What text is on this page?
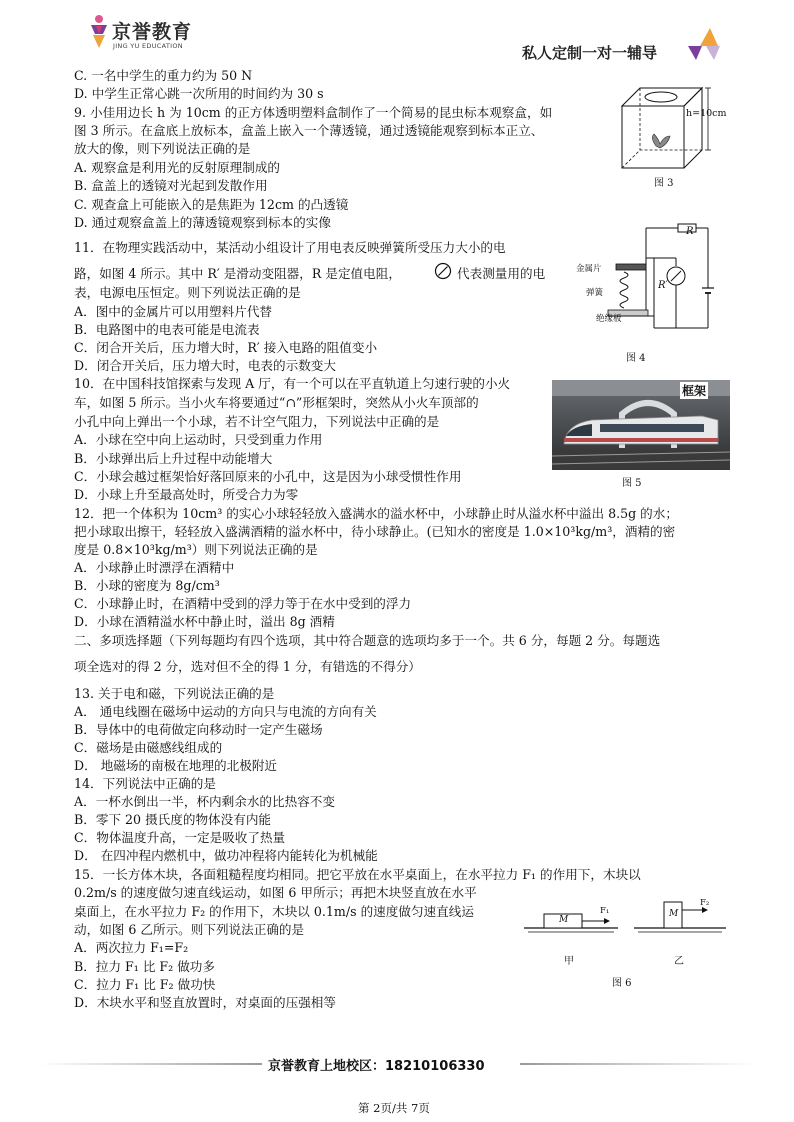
京誉教育
JING YU EDUCATION	私人定制一对一辅导
C. 一名中学生的重力约为 50 N
D. 中学生正常心跳一次所用的时间约为 30 s
9. 小佳用边长 h 为 10cm 的正方体透明塑料盒制作了一个简易的昆虫标本观察盒，如
图 3 所示。在盒底上放标本，盒盖上嵌入一个薄透镜，通过透镜能观察到标本正立、
放大的像，则下列说法正确的是
A. 观察盒是利用光的反射原理制成的
B. 盒盖上的透镜对光起到发散作用
C. 观查盒上可能嵌入的是焦距为 12cm 的凸透镜
D. 通过观察盒盖上的薄透镜观察到标本的实像
11．在物理实践活动中，某活动小组设计了用电表反映弹簧所受压力大小的电
路，如图 4 所示。其中 R′ 是滑动变阻器，R 是定值电阻，	代表测量用的电
表，电源电压恒定。则下列说法正确的是
A．图中的金属片可以用塑料片代替
B．电路图中的电表可能是电流表
C．闭合开关后，压力增大时，R′ 接入电路的阻值变小
D．闭合开关后，压力增大时，电表的示数变大
10．在中国科技馆探索与发现 A 厅，有一个可以在平直轨道上匀速行驶的小火
车，如图 5 所示。当小火车将要通过“∩”形框架时，突然从小火车顶部的
小孔中向上弹出一个小球，若不计空气阻力，下列说法中正确的是
A．小球在空中向上运动时，只受到重力作用
B．小球弹出后上升过程中动能增大
C．小球会越过框架恰好落回原来的小孔中，这是因为小球受惯性作用
D．小球上升至最高处时，所受合力为零
12．把一个体积为 10cm³ 的实心小球轻轻放入盛满水的溢水杯中，小球静止时从溢水杯中溢出 8.5g 的水；
把小球取出擦干，轻轻放入盛满酒精的溢水杯中，待小球静止。(已知水的密度是 1.0×10³kg/m³，酒精的密
度是 0.8×10³kg/m³）则下列说法正确的是
A．小球静止时漂浮在酒精中
B．小球的密度为 8g/cm³
C．小球静止时，在酒精中受到的浮力等于在水中受到的浮力
D．小球在酒精溢水杯中静止时，溢出 8g 酒精
二、多项选择题（下列每题均有四个选项，其中符合题意的选项均多于一个。共 6 分，每题 2 分。每题选
项全选对的得 2 分，选对但不全的得 1 分，有错选的不得分）
13. 关于电和磁，下列说法正确的是
A． 通电线圈在磁场中运动的方向只与电流的方向有关
B．导体中的电荷做定向移动时一定产生磁场
C．磁场是由磁感线组成的
D． 地磁场的南极在地理的北极附近
14．下列说法中正确的是
A．一杯水倒出一半，杯内剩余水的比热容不变
B．零下 20 摄氏度的物体没有内能
C．物体温度升高，一定是吸收了热量
D． 在四冲程内燃机中，做功冲程将内能转化为机械能
15．一长方体木块，各面粗糙程度均相同。把它平放在水平桌面上，在水平拉力 F₁ 的作用下，木块以
0.2m/s 的速度做匀速直线运动，如图 6 甲所示；再把木块竖直放在水平
桌面上，在水平拉力 F₂ 的作用下，木块以 0.1m/s 的速度做匀速直线运
动，如图 6 乙所示。则下列说法正确的是
A．两次拉力 F₁=F₂
B．拉力 F₁ 比 F₂ 做功多
C．拉力 F₁ 比 F₂ 做功快
D．木块水平和竖直放置时，对桌面的压强相等
h=10cm
图 3
R
R′
金属片
弹簧
绝缘板
图 4
框架
图 5
M
F₁	M
F₂
甲	乙
图 6
京誉教育上地校区：18210106330
第 2页/共 7页
